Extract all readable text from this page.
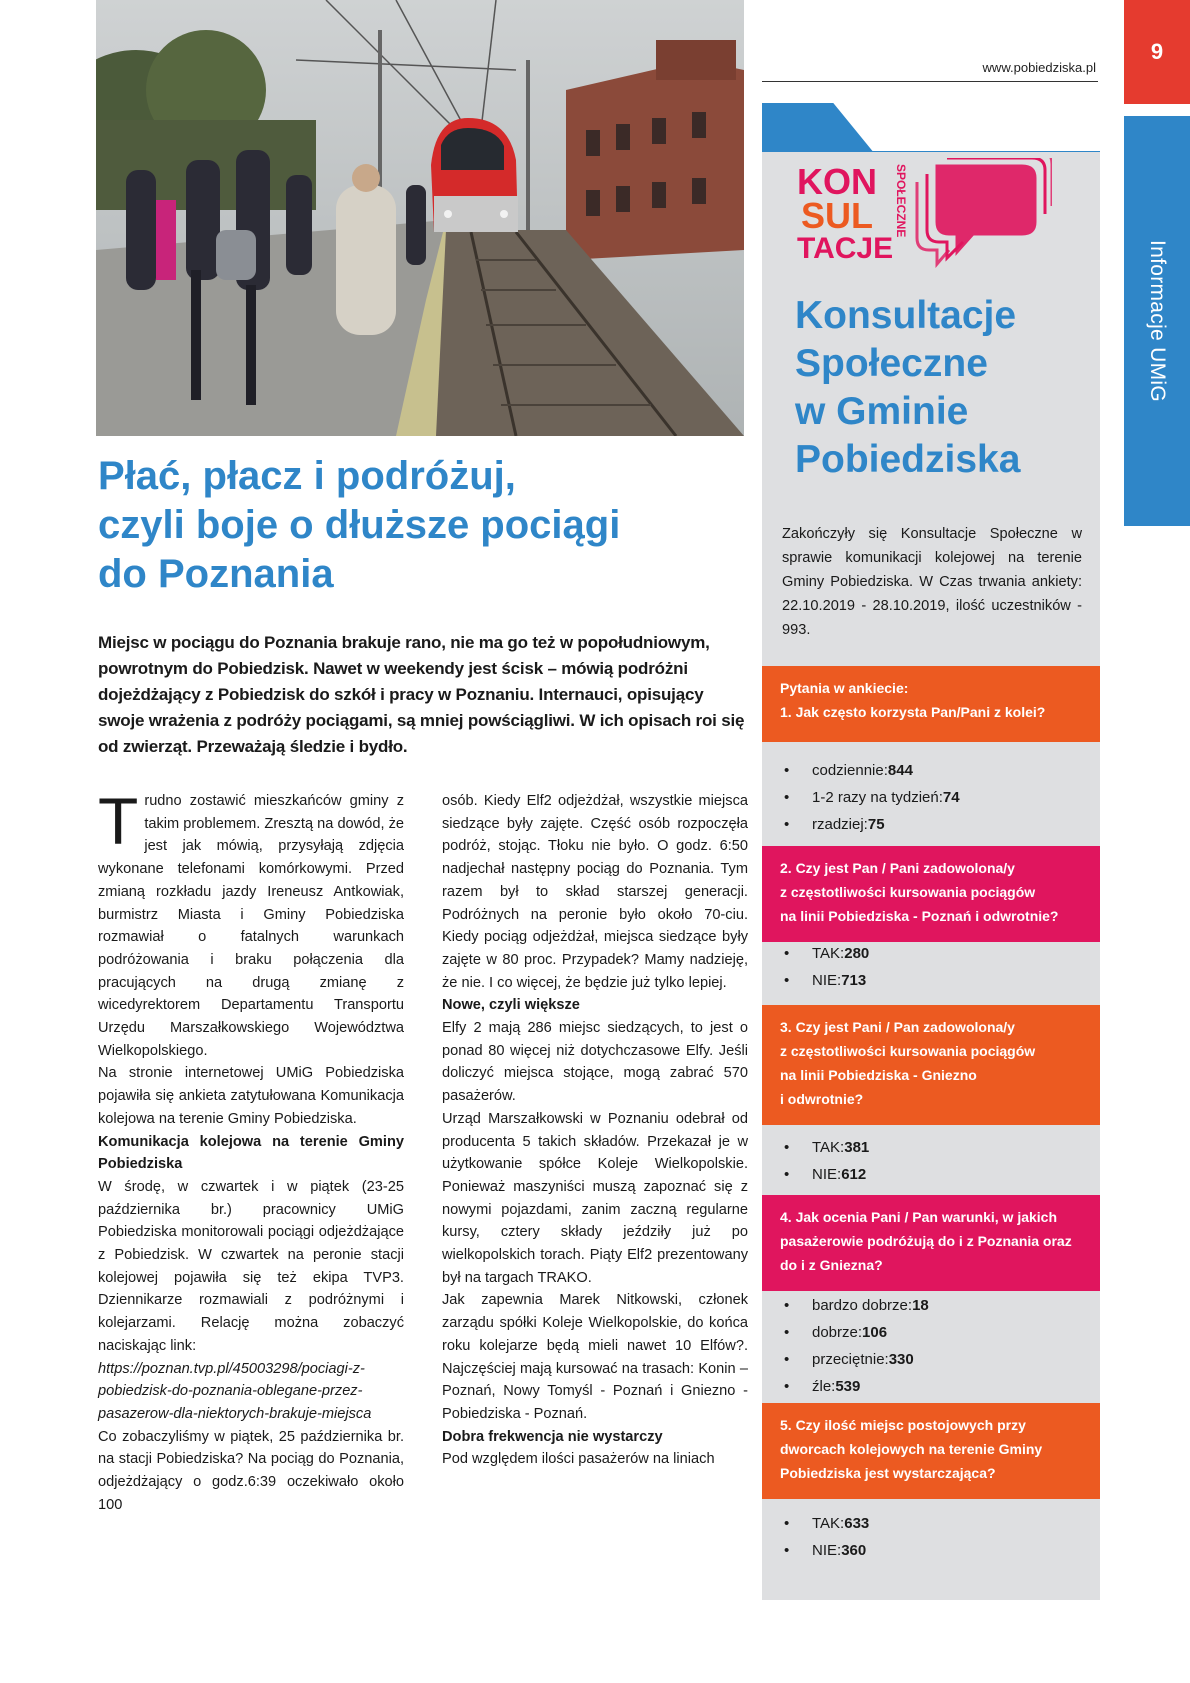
www.pobiedziska.pl
9
Informacje UMiG
Płać, płacz i podróżuj,
czyli boje o dłuższe pociągi
do Poznania

Miejsc w pociągu do Poznania brakuje rano, nie ma go też w popołudniowym, powrotnym do Pobiedzisk. Nawet w weekendy jest ścisk – mówią podróżni dojeżdżający z Pobiedzisk do szkół i pracy w Poznaniu. Internauci, opisujący swoje wrażenia z podróży pociągami, są mniej powściągliwi. W ich opisach roi się od zwierząt. Przeważają śledzie i bydło.

Trudno zostawić mieszkańców gminy z takim problemem. Zresztą na dowód, że jest jak mówią, przysyłają zdjęcia wykonane telefonami komórkowymi. Przed zmianą rozkładu jazdy Ireneusz Antkowiak, burmistrz Miasta i Gminy Pobiedziska rozmawiał o fatalnych warunkach podróżowania i braku połączenia dla pracujących na drugą zmianę z wicedyrektorem Departamentu Transportu Urzędu Marszałkowskiego Województwa Wielkopolskiego.

Na stronie internetowej UMiG Pobiedziska pojawiła się ankieta zatytułowana Komunikacja kolejowa na terenie Gminy Pobiedziska.

Komunikacja kolejowa na terenie Gminy Pobiedziska

W środę, w czwartek i w piątek (23-25 października br.) pracownicy UMiG Pobiedziska monitorowali pociągi odjeżdżające z Pobiedzisk. W czwartek na peronie stacji kolejowej pojawiła się też ekipa TVP3. Dziennikarze rozmawiali z podróżnymi i kolejarzami. Relację można zobaczyć naciskając link:

https://poznan.tvp.pl/45003298/pociagi-z-pobiedzisk-do-poznania-oblegane-przez-pasazerow-dla-niektorych-brakuje-miejsca

Co zobaczyliśmy w piątek, 25 października br. na stacji Pobiedziska? Na pociąg do Poznania, odjeżdżający o godz.6:39 oczekiwało około 100

osób. Kiedy Elf2 odjeżdżał, wszystkie miejsca siedzące były zajęte. Część osób rozpoczęła podróż, stojąc. Tłoku nie było. O godz. 6:50 nadjechał następny pociąg do Poznania. Tym razem był to skład starszej generacji. Podróżnych na peronie było około 70-ciu. Kiedy pociąg odjeżdżał, miejsca siedzące były zajęte w 80 proc. Przypadek? Mamy nadzieję, że nie. I co więcej, że będzie już tylko lepiej.

Nowe, czyli większe

Elfy 2 mają 286 miejsc siedzących, to jest o ponad 80 więcej niż dotychczasowe Elfy. Jeśli doliczyć miejsca stojące, mogą zabrać 570 pasażerów.

Urząd Marszałkowski w Poznaniu odebrał od producenta 5 takich składów. Przekazał je w użytkowanie spółce Koleje Wielkopolskie. Ponieważ maszyniści muszą zapoznać się z nowymi pojazdami, zanim zaczną regularne kursy, cztery składy jeździły już po wielkopolskich torach. Piąty Elf2 prezentowany był na targach TRAKO.

Jak zapewnia Marek Nitkowski, członek zarządu spółki Koleje Wielkopolskie, do końca roku kolejarze będą mieli nawet 10 Elfów?. Najczęściej mają kursować na trasach: Konin – Poznań, Nowy Tomyśl - Poznań i Gniezno - Pobiedziska - Poznań.

Dobra frekwencja nie wystarczy

Pod względem ilości pasażerów na liniach

KON
SUL
TACJE
SPOŁECZNE
Konsultacje
Społeczne
w Gminie
Pobiedziska

Zakończyły się Konsultacje Społeczne w sprawie komunikacji kolejowej na terenie Gminy Pobiedziska. W Czas trwania ankiety: 22.10.2019 - 28.10.2019, ilość uczestników - 993.

Pytania w ankiecie:
1. Jak często korzysta Pan/Pani z kolei?
• codziennie:844
• 1-2 razy na tydzień:74
• rzadziej:75
2. Czy jest Pan / Pani zadowolona/y
z częstotliwości kursowania pociągów
na linii Pobiedziska - Poznań i odwrotnie?
• TAK:280
• NIE:713
3. Czy jest Pani / Pan zadowolona/y
z częstotliwości kursowania pociągów
na linii Pobiedziska - Gniezno
i odwrotnie?
• TAK:381
• NIE:612
4. Jak ocenia Pani / Pan warunki, w jakich
pasażerowie podróżują do i z Poznania oraz
do i z Gniezna?
• bardzo dobrze:18
• dobrze:106
• przeciętnie:330
• źle:539
5. Czy ilość miejsc postojowych przy
dworcach kolejowych na terenie Gminy
Pobiedziska jest wystarczająca?
• TAK:633
• NIE:360
